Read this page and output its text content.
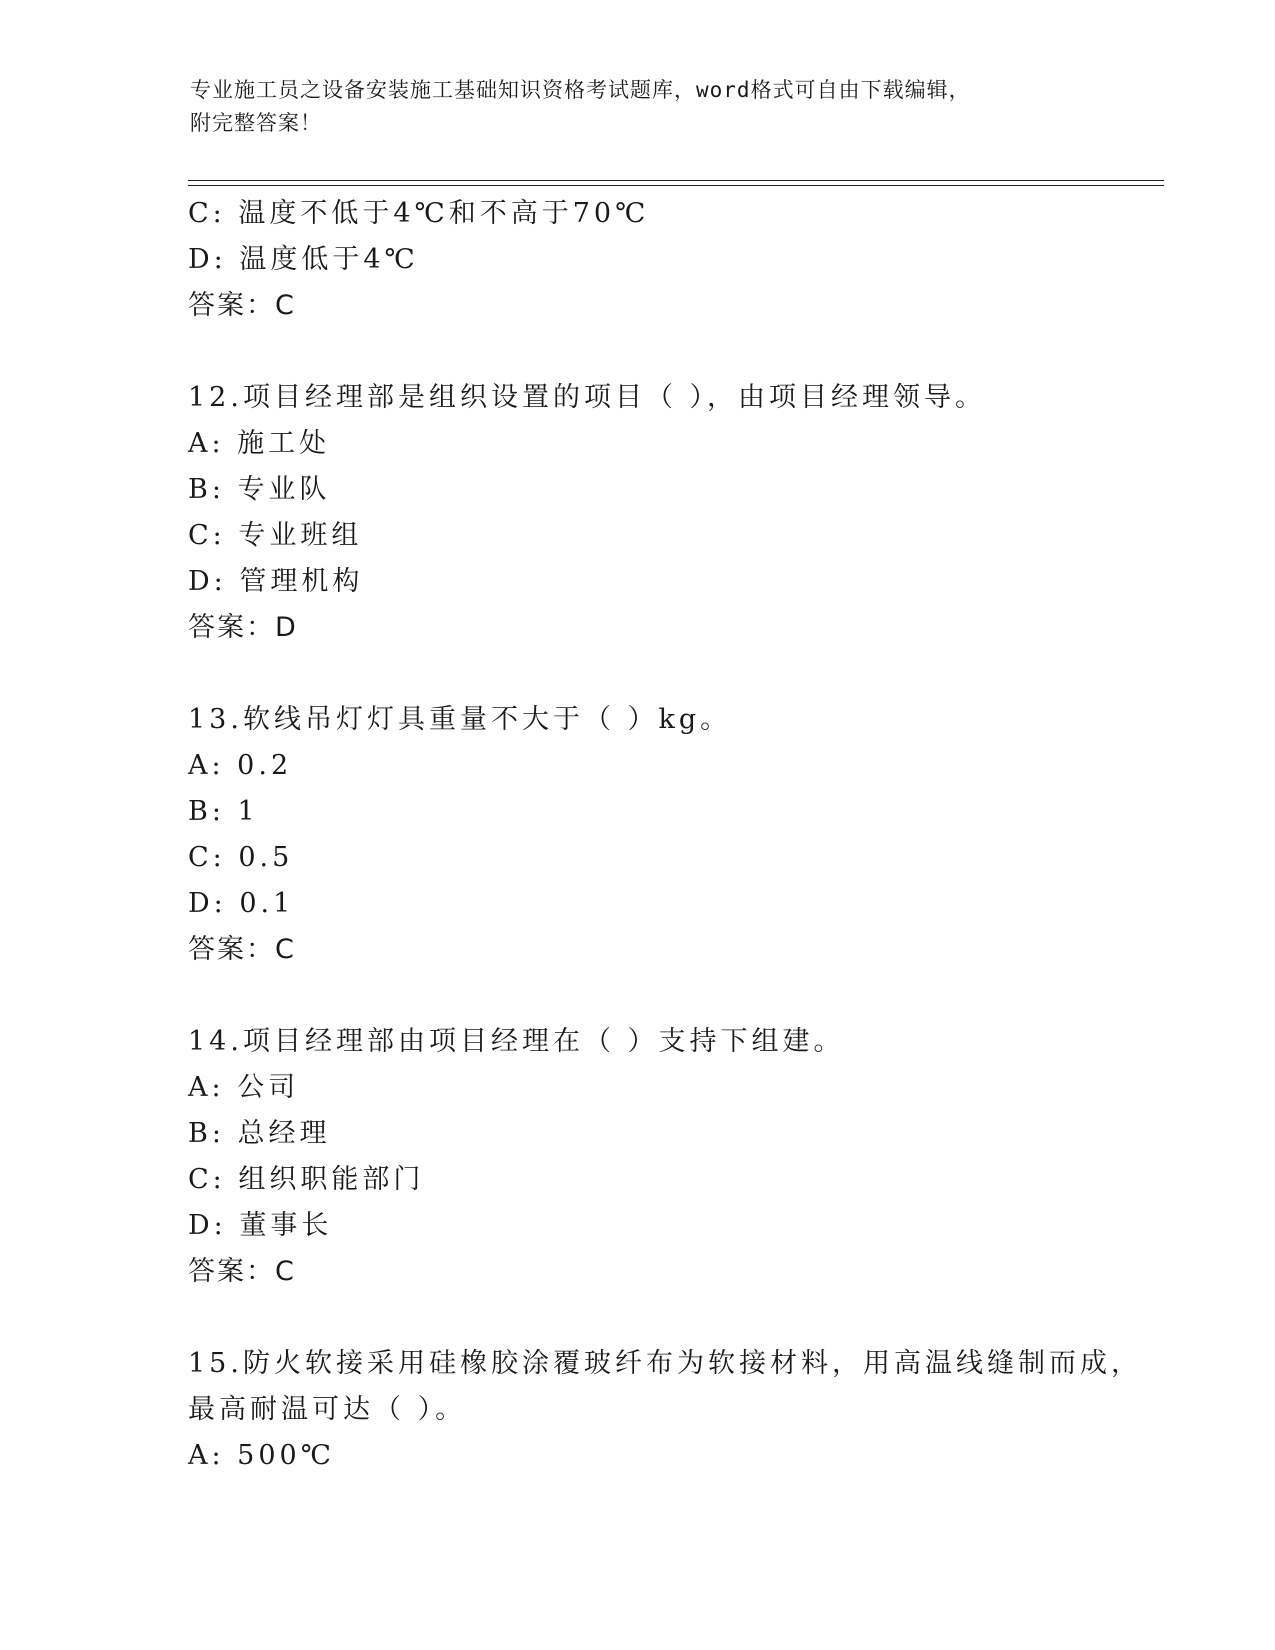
专业施工员之设备安装施工基础知识资格考试题库，word格式可自由下载编辑，
附完整答案！
C: 温度不低于4℃和不高于70℃
D: 温度低于4℃
答案：C
12.项目经理部是组织设置的项目（ ），由项目经理领导。
A: 施工处
B: 专业队
C: 专业班组
D: 管理机构
答案：D
13.软线吊灯灯具重量不大于（ ）kg。
A: 0.2
B: 1
C: 0.5
D: 0.1
答案：C
14.项目经理部由项目经理在（ ）支持下组建。
A: 公司
B: 总经理
C: 组织职能部门
D: 董事长
答案：C
15.防火软接采用硅橡胶涂覆玻纤布为软接材料，用高温线缝制而成，
最高耐温可达（ ）。
A: 500℃
